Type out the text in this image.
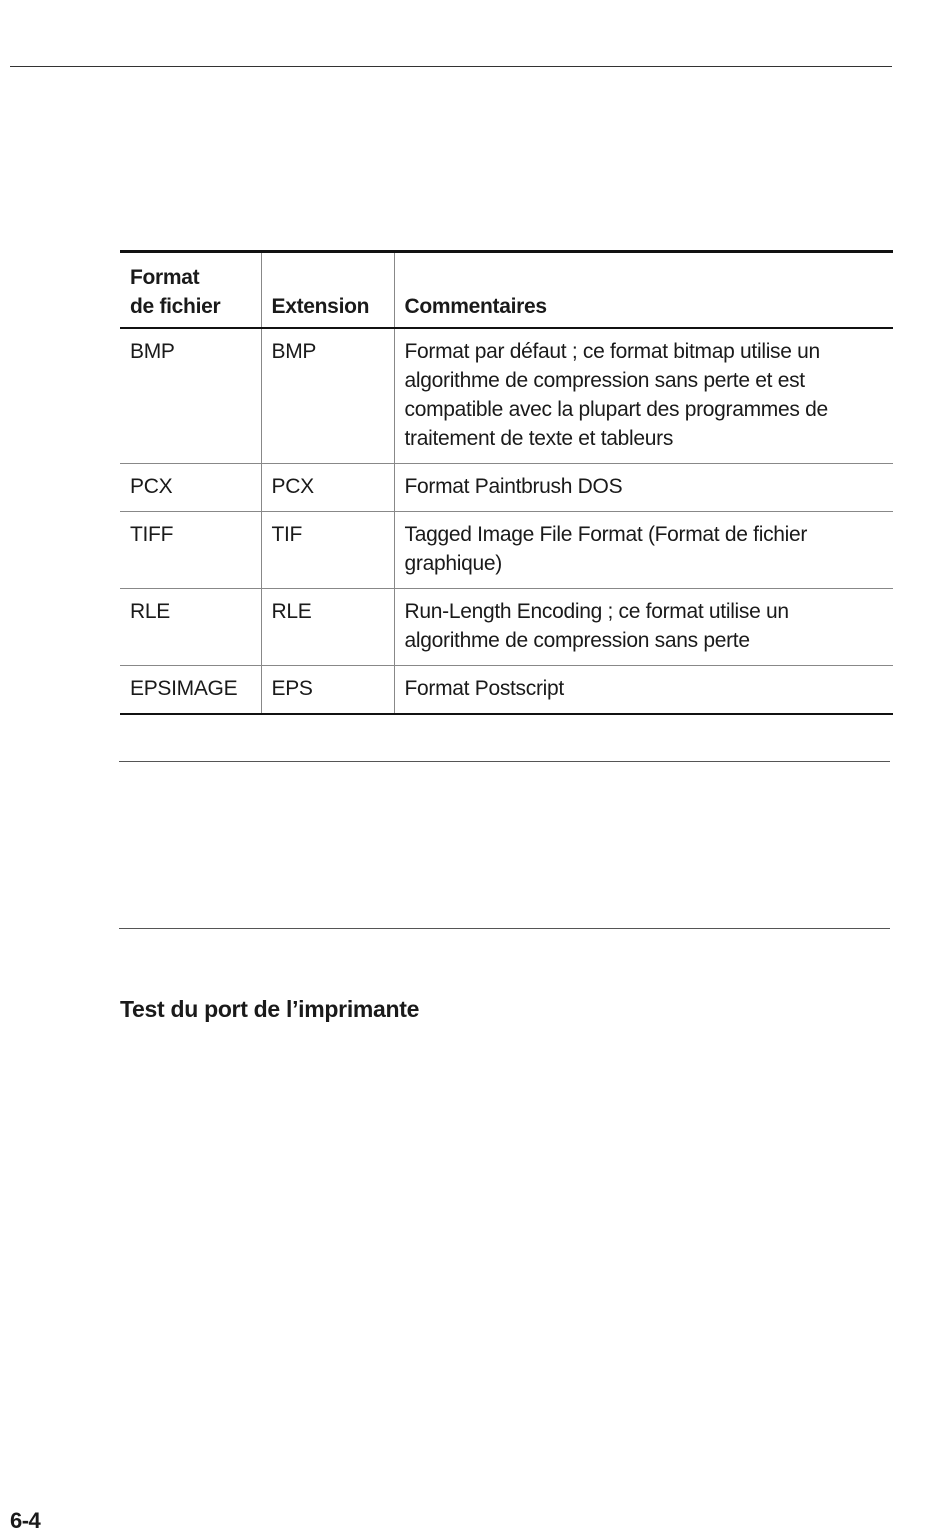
Format
de fichier	Extension	Commentaires
BMP	BMP	Format par défaut ; ce format bitmap utilise un algorithme de compression sans perte et est compatible avec la plupart des programmes de traitement de texte et tableurs
PCX	PCX	Format Paintbrush DOS
TIFF	TIF	Tagged Image File Format (Format de fichier graphique)
RLE	RLE	Run-Length Encoding ; ce format utilise un algorithme de compression sans perte
EPSIMAGE	EPS	Format Postscript
Test du port de l’imprimante
6-4
